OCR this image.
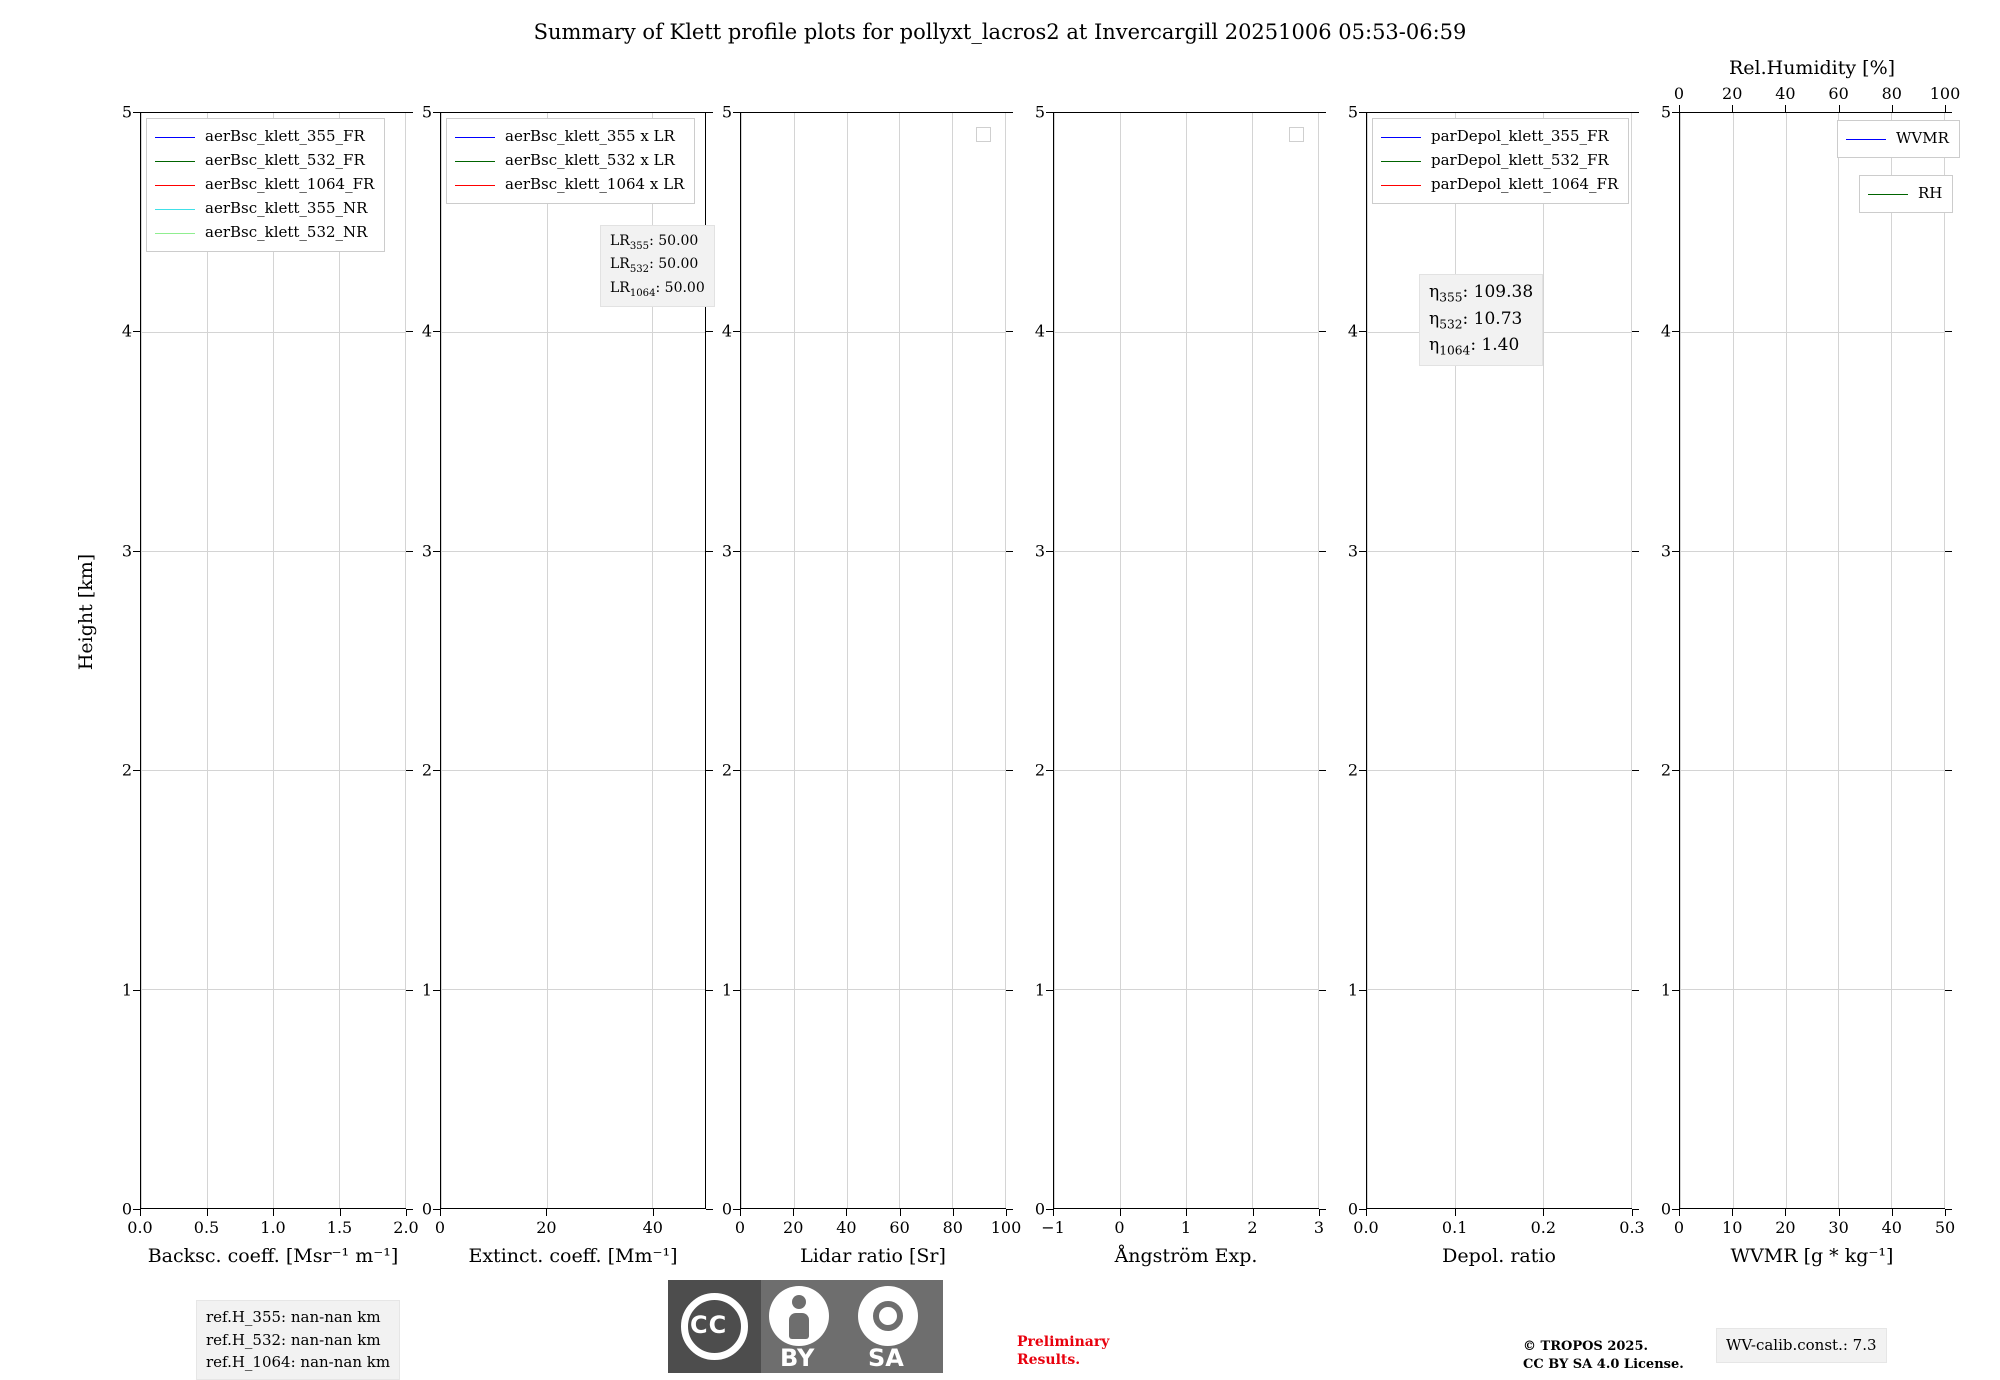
Summary of Klett profile plots for pollyxt_lacros2 at Invercargill 20251006 05:53-06:59
Height [km]
0
1
2
3
4
5
0.0	0.5	1.0	1.5	2.0
Backsc. coeff. [Msr⁻¹ m⁻¹]
aerBsc_klett_355_FR
aerBsc_klett_532_FR
aerBsc_klett_1064_FR
aerBsc_klett_355_NR
aerBsc_klett_532_NR
0
1
2
3
4
5
0	20	40
Extinct. coeff. [Mm⁻¹]
aerBsc_klett_355 x LR
aerBsc_klett_532 x LR
aerBsc_klett_1064 x LR
$LR_{355}$: 50.00
$LR_{532}$: 50.00
$LR_{1064}$: 50.00
0
1
2
3
4
5
0 20 40 60 80 100
Lidar ratio [Sr]
0
1
2
3
4
5
−1	0	1	2	3
Ångström Exp.
0
1
2
3
4
5
0.0	0.1	0.2	0.3
Depol. ratio
parDepol_klett_355_FR
parDepol_klett_532_FR
parDepol_klett_1064_FR
$\eta_{355}$: 109.38
$\eta_{532}$: 10.73
$\eta_{1064}$: 1.40
0
1
2
3
4
5
0 10 20 30 40 50
WVMR [g * kg⁻¹]
0 20 40 60 80 100
Rel.Humidity [%]
WVMR
RH
ref.H_355: nan-nan km
ref.H_532: nan-nan km
ref.H_1064: nan-nan km
WV-calib.const.: 7.3
Preliminary
Results.
© TROPOS 2025.
CC BY SA 4.0 License.
CC
BY SA
